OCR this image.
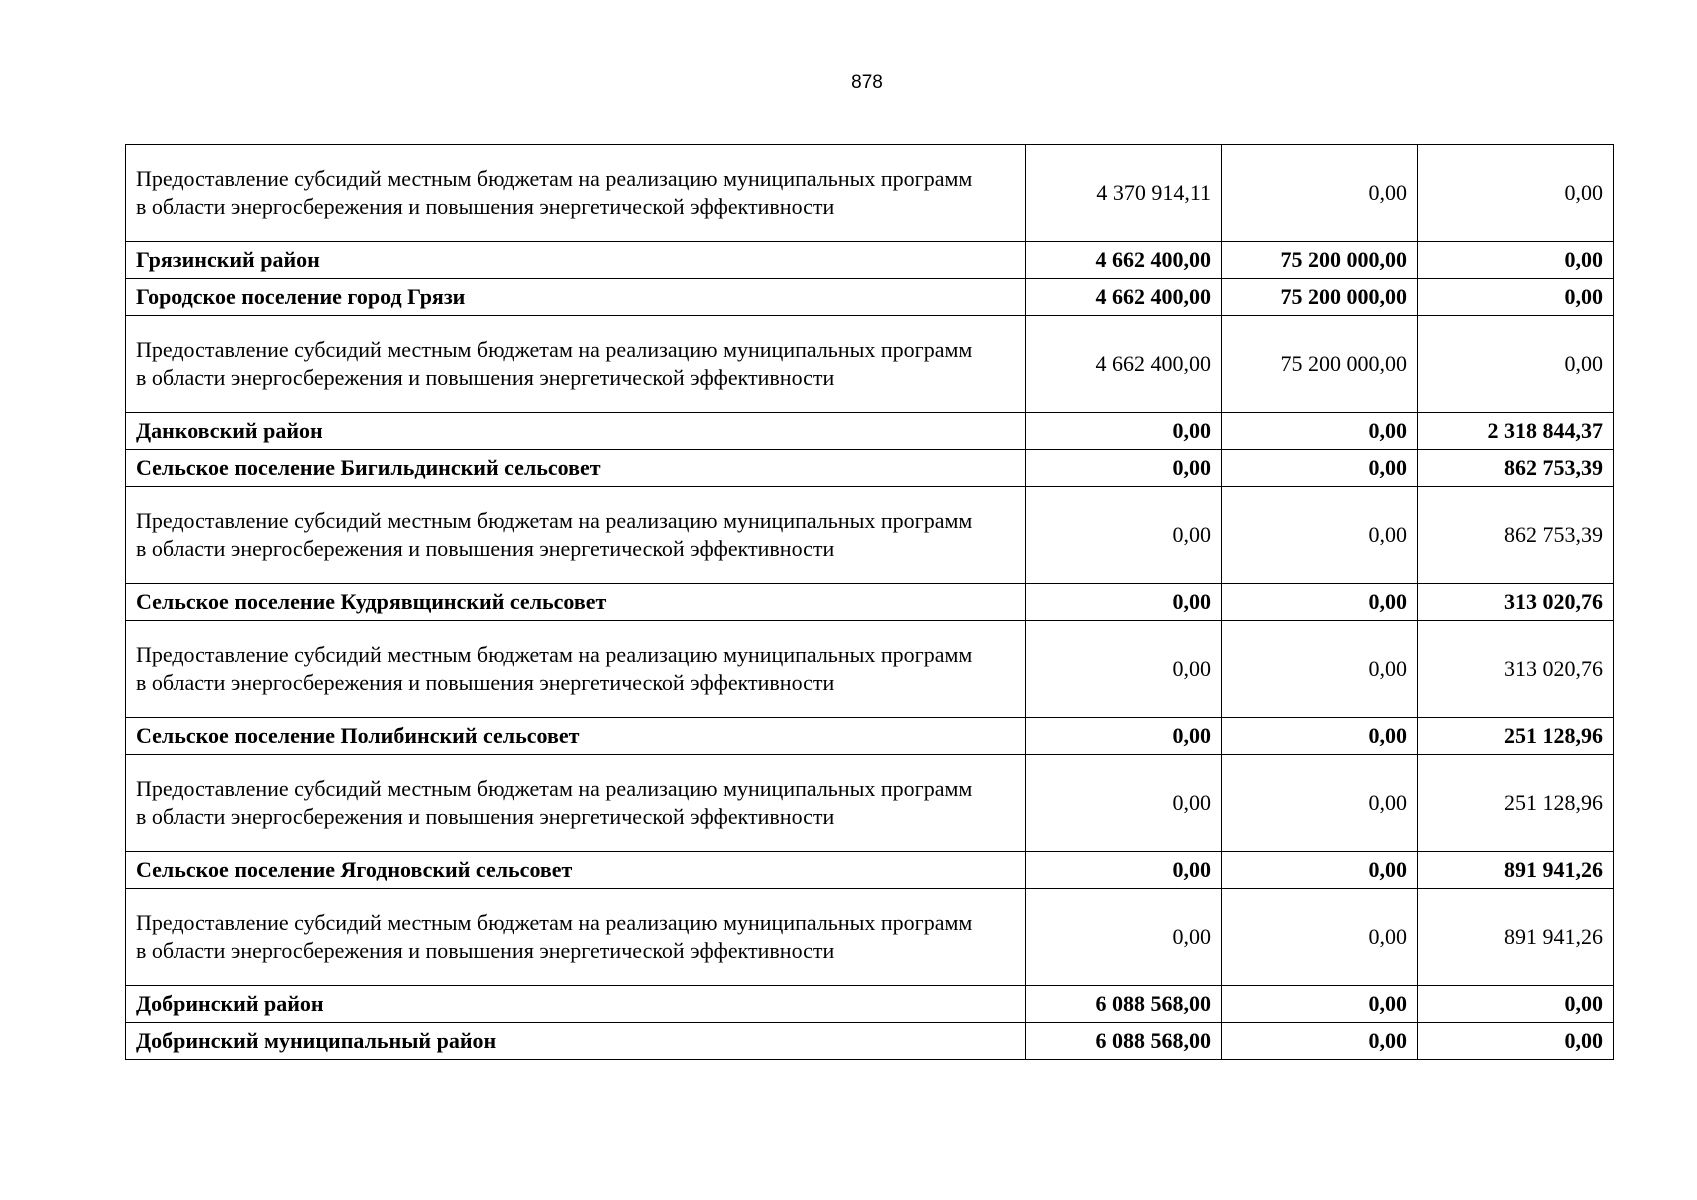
878
Предоставление субсидий местным бюджетам на реализацию муниципальных программ в области энергосбережения и повышения энергетической эффективности	4 370 914,11	0,00	0,00

Грязинский район	4 662 400,00	75 200 000,00	0,00

Городское поселение город Грязи	4 662 400,00	75 200 000,00	0,00

Предоставление субсидий местным бюджетам на реализацию муниципальных программ в области энергосбережения и повышения энергетической эффективности	4 662 400,00	75 200 000,00	0,00

Данковский район	0,00	0,00	2 318 844,37

Сельское поселение Бигильдинский сельсовет	0,00	0,00	862 753,39

Предоставление субсидий местным бюджетам на реализацию муниципальных программ в области энергосбережения и повышения энергетической эффективности	0,00	0,00	862 753,39

Сельское поселение Кудрявщинский сельсовет	0,00	0,00	313 020,76

Предоставление субсидий местным бюджетам на реализацию муниципальных программ в области энергосбережения и повышения энергетической эффективности	0,00	0,00	313 020,76

Сельское поселение Полибинский сельсовет	0,00	0,00	251 128,96

Предоставление субсидий местным бюджетам на реализацию муниципальных программ в области энергосбережения и повышения энергетической эффективности	0,00	0,00	251 128,96

Сельское поселение Ягодновский сельсовет	0,00	0,00	891 941,26

Предоставление субсидий местным бюджетам на реализацию муниципальных программ в области энергосбережения и повышения энергетической эффективности	0,00	0,00	891 941,26

Добринский район	6 088 568,00	0,00	0,00

Добринский муниципальный район	6 088 568,00	0,00	0,00
